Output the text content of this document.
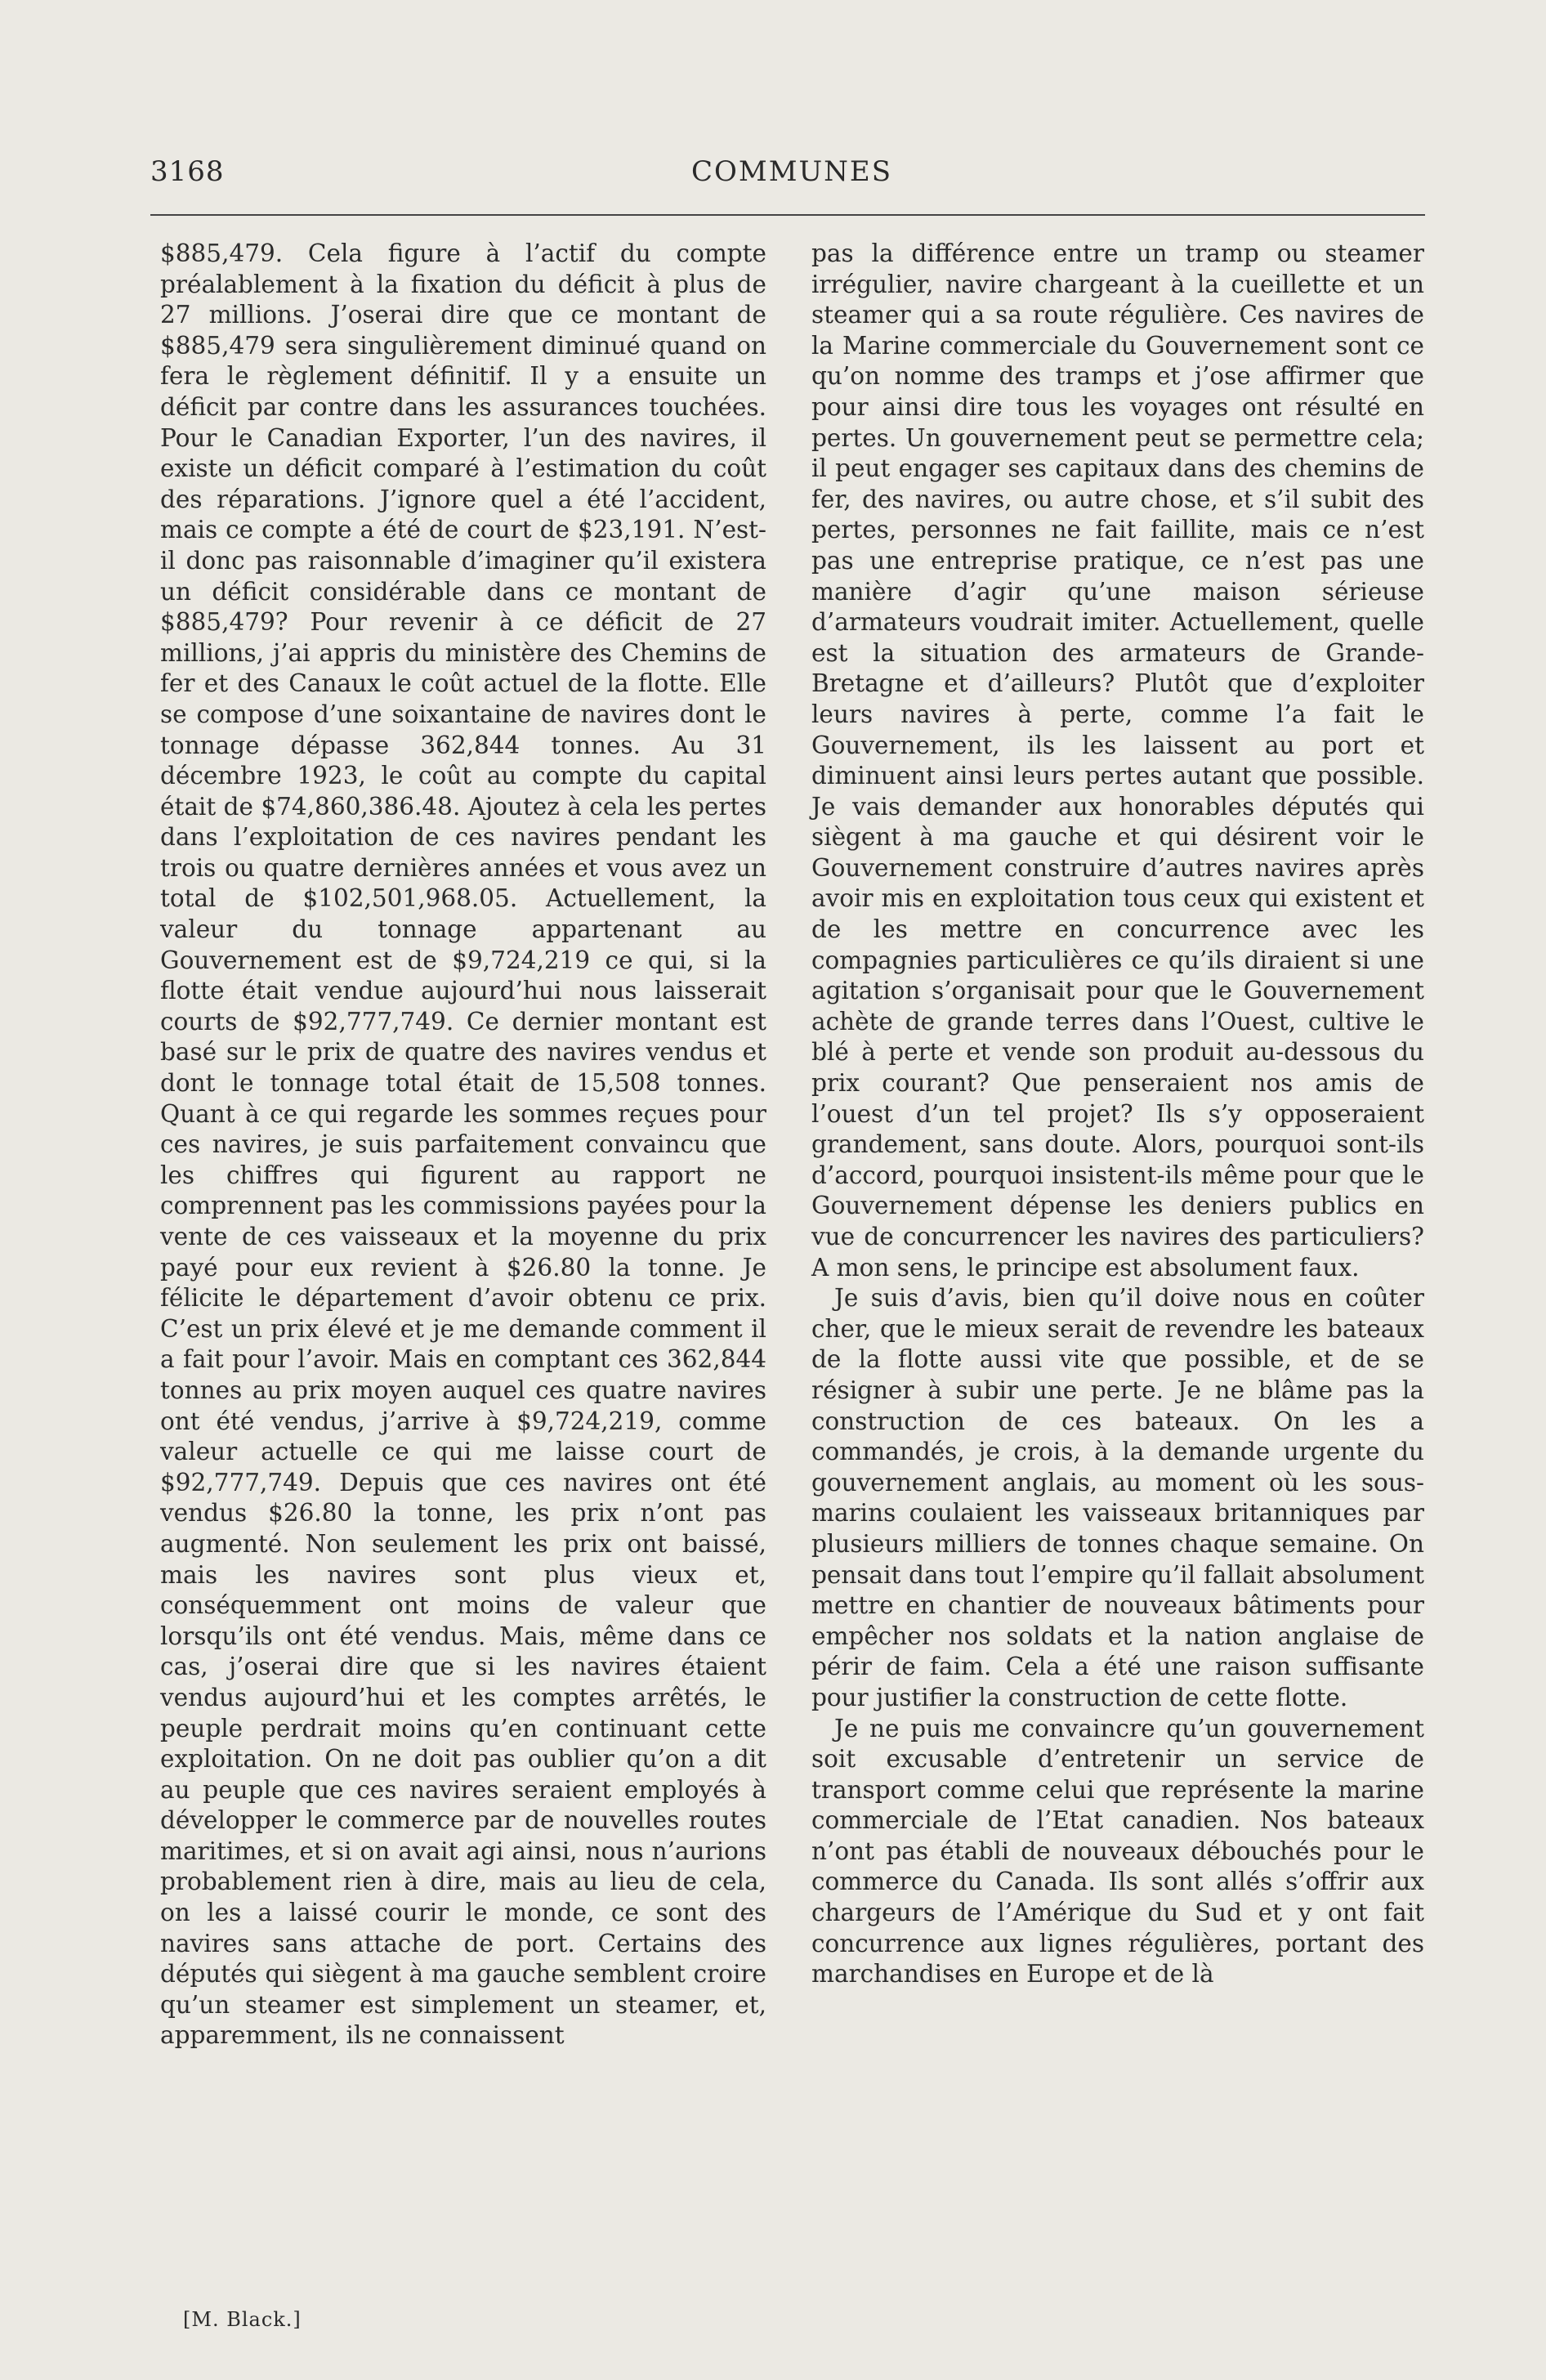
3168	COMMUNES

$885,479. Cela figure à l’actif du compte préalablement à la fixation du déficit à plus de 27 millions. J’oserai dire que ce montant de $885,479 sera singulièrement diminué quand on fera le règlement définitif. Il y a ensuite un déficit par contre dans les assurances touchées. Pour le Canadian Exporter, l’un des navires, il existe un déficit comparé à l’estimation du coût des réparations. J’ignore quel a été l’accident, mais ce compte a été de court de $23,191. N’est-il donc pas raisonnable d’imaginer qu’il existera un déficit considérable dans ce montant de $885,479? Pour revenir à ce déficit de 27 millions, j’ai appris du ministère des Chemins de fer et des Canaux le coût actuel de la flotte. Elle se compose d’une soixantaine de navires dont le tonnage dépasse 362,844 tonnes. Au 31 décembre 1923, le coût au compte du capital était de $74,860,386.48. Ajoutez à cela les pertes dans l’exploitation de ces navires pendant les trois ou quatre dernières années et vous avez un total de $102,501,968.05. Actuellement, la valeur du tonnage appartenant au Gouvernement est de $9,724,219 ce qui, si la flotte était vendue aujourd’hui nous laisserait courts de $92,777,749. Ce dernier montant est basé sur le prix de quatre des navires vendus et dont le tonnage total était de 15,508 tonnes. Quant à ce qui regarde les sommes reçues pour ces navires, je suis parfaitement convaincu que les chiffres qui figurent au rapport ne comprennent pas les commissions payées pour la vente de ces vaisseaux et la moyenne du prix payé pour eux revient à $26.80 la tonne. Je félicite le département d’avoir obtenu ce prix. C’est un prix élevé et je me demande comment il a fait pour l’avoir. Mais en comptant ces 362,844 tonnes au prix moyen auquel ces quatre navires ont été vendus, j’arrive à $9,724,219, comme valeur actuelle ce qui me laisse court de $92,777,749. Depuis que ces navires ont été vendus $26.80 la tonne, les prix n’ont pas augmenté. Non seulement les prix ont baissé, mais les navires sont plus vieux et, conséquemment ont moins de valeur que lorsqu’ils ont été vendus. Mais, même dans ce cas, j’oserai dire que si les navires étaient vendus aujourd’hui et les comptes arrêtés, le peuple perdrait moins qu’en continuant cette exploitation. On ne doit pas oublier qu’on a dit au peuple que ces navires seraient employés à développer le commerce par de nouvelles routes maritimes, et si on avait agi ainsi, nous n’aurions probablement rien à dire, mais au lieu de cela, on les a laissé courir le monde, ce sont des navires sans attache de port. Certains des députés qui siègent à ma gauche semblent croire qu’un steamer est simplement un steamer, et, apparemment, ils ne connaissent

pas la différence entre un tramp ou steamer irrégulier, navire chargeant à la cueillette et un steamer qui a sa route régulière. Ces navires de la Marine commerciale du Gouvernement sont ce qu’on nomme des tramps et j’ose affirmer que pour ainsi dire tous les voyages ont résulté en pertes. Un gouvernement peut se permettre cela; il peut engager ses capitaux dans des chemins de fer, des navires, ou autre chose, et s’il subit des pertes, personnes ne fait faillite, mais ce n’est pas une entreprise pratique, ce n’est pas une manière d’agir qu’une maison sérieuse d’armateurs voudrait imiter. Actuellement, quelle est la situation des armateurs de Grande-Bretagne et d’ailleurs? Plutôt que d’exploiter leurs navires à perte, comme l’a fait le Gouvernement, ils les laissent au port et diminuent ainsi leurs pertes autant que possible. Je vais demander aux honorables députés qui siègent à ma gauche et qui désirent voir le Gouvernement construire d’autres navires après avoir mis en exploitation tous ceux qui existent et de les mettre en concurrence avec les compagnies particulières ce qu’ils diraient si une agitation s’organisait pour que le Gouvernement achète de grande terres dans l’Ouest, cultive le blé à perte et vende son produit au-dessous du prix courant? Que penseraient nos amis de l’ouest d’un tel projet? Ils s’y opposeraient grandement, sans doute. Alors, pourquoi sont-ils d’accord, pourquoi insistent-ils même pour que le Gouvernement dépense les deniers publics en vue de concurrencer les navires des particuliers? A mon sens, le principe est absolument faux.

Je suis d’avis, bien qu’il doive nous en coûter cher, que le mieux serait de revendre les bateaux de la flotte aussi vite que possible, et de se résigner à subir une perte. Je ne blâme pas la construction de ces bateaux. On les a commandés, je crois, à la demande urgente du gouvernement anglais, au moment où les sous-marins coulaient les vaisseaux britanniques par plusieurs milliers de tonnes chaque semaine. On pensait dans tout l’empire qu’il fallait absolument mettre en chantier de nouveaux bâtiments pour empêcher nos soldats et la nation anglaise de périr de faim. Cela a été une raison suffisante pour justifier la construction de cette flotte.

Je ne puis me convaincre qu’un gouvernement soit excusable d’entretenir un service de transport comme celui que représente la marine commerciale de l’Etat canadien. Nos bateaux n’ont pas établi de nouveaux débouchés pour le commerce du Canada. Ils sont allés s’offrir aux chargeurs de l’Amérique du Sud et y ont fait concurrence aux lignes régulières, portant des marchandises en Europe et de là

[M. Black.]
